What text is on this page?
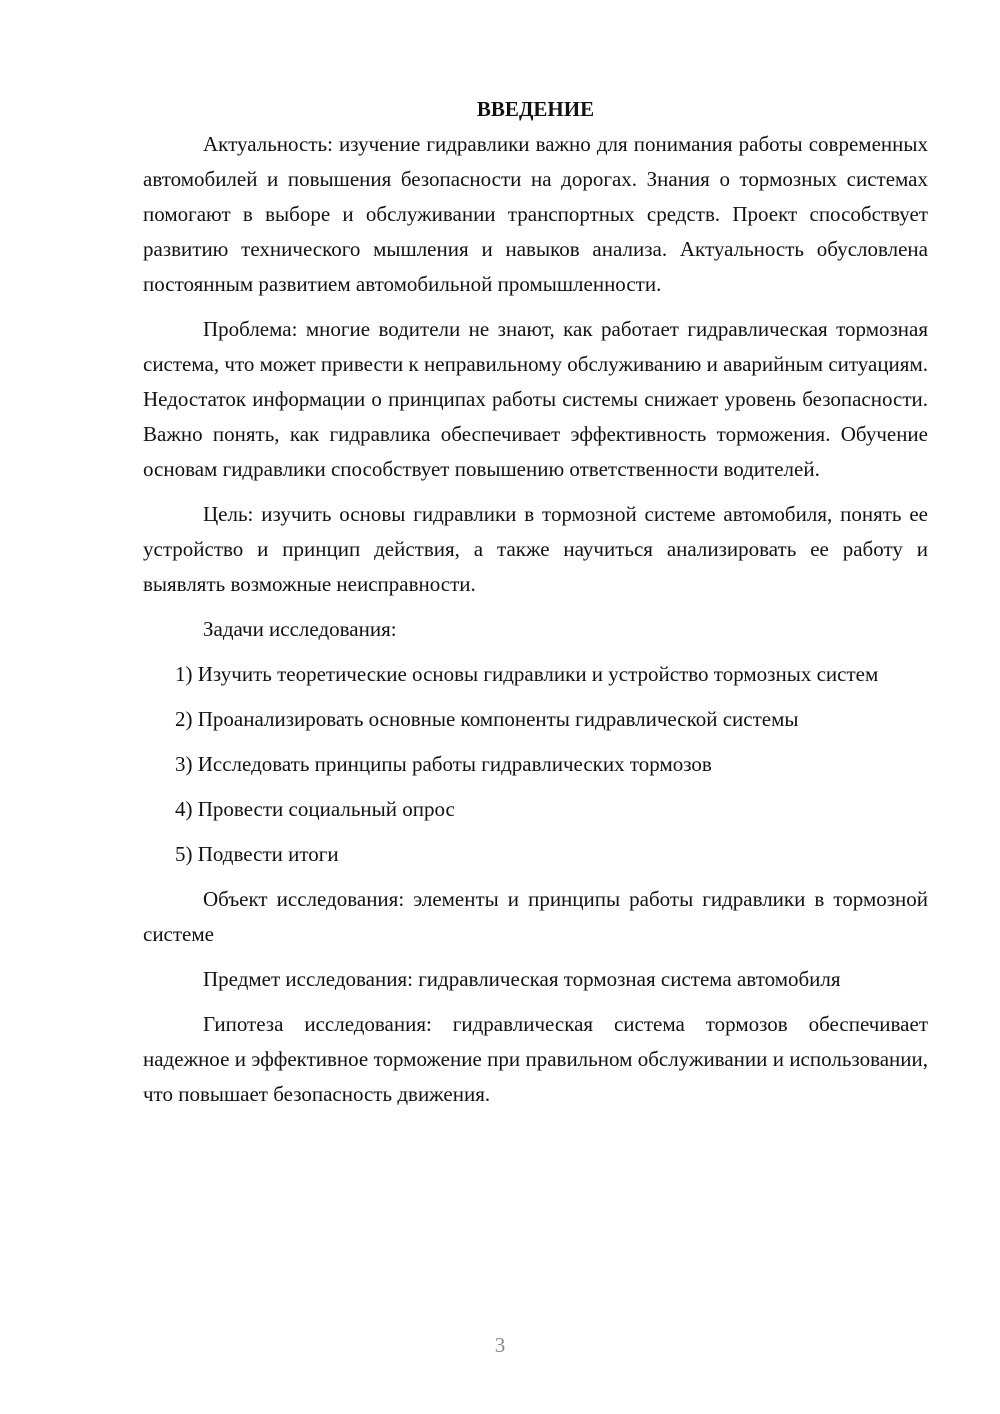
ВВЕДЕНИЕ

Актуальность: изучение гидравлики важно для понимания работы современных автомобилей и повышения безопасности на дорогах. Знания о тормозных системах помогают в выборе и обслуживании транспортных средств. Проект способствует развитию технического мышления и навыков анализа. Актуальность обусловлена постоянным развитием автомобильной промышленности.

Проблема: многие водители не знают, как работает гидравлическая тормозная система, что может привести к неправильному обслуживанию и аварийным ситуациям. Недостаток информации о принципах работы системы снижает уровень безопасности. Важно понять, как гидравлика обеспечивает эффективность торможения. Обучение основам гидравлики способствует повышению ответственности водителей.

Цель: изучить основы гидравлики в тормозной системе автомобиля, понять ее устройство и принцип действия, а также научиться анализировать ее работу и выявлять возможные неисправности.

Задачи исследования:

1) Изучить теоретические основы гидравлики и устройство тормозных систем

2) Проанализировать основные компоненты гидравлической системы

3) Исследовать принципы работы гидравлических тормозов

4) Провести социальный опрос

5) Подвести итоги

Объект исследования: элементы и принципы работы гидравлики в тормозной системе

Предмет исследования: гидравлическая тормозная система автомобиля

Гипотеза исследования: гидравлическая система тормозов обеспечивает надежное и эффективное торможение при правильном обслуживании и использовании, что повышает безопасность движения.

3
